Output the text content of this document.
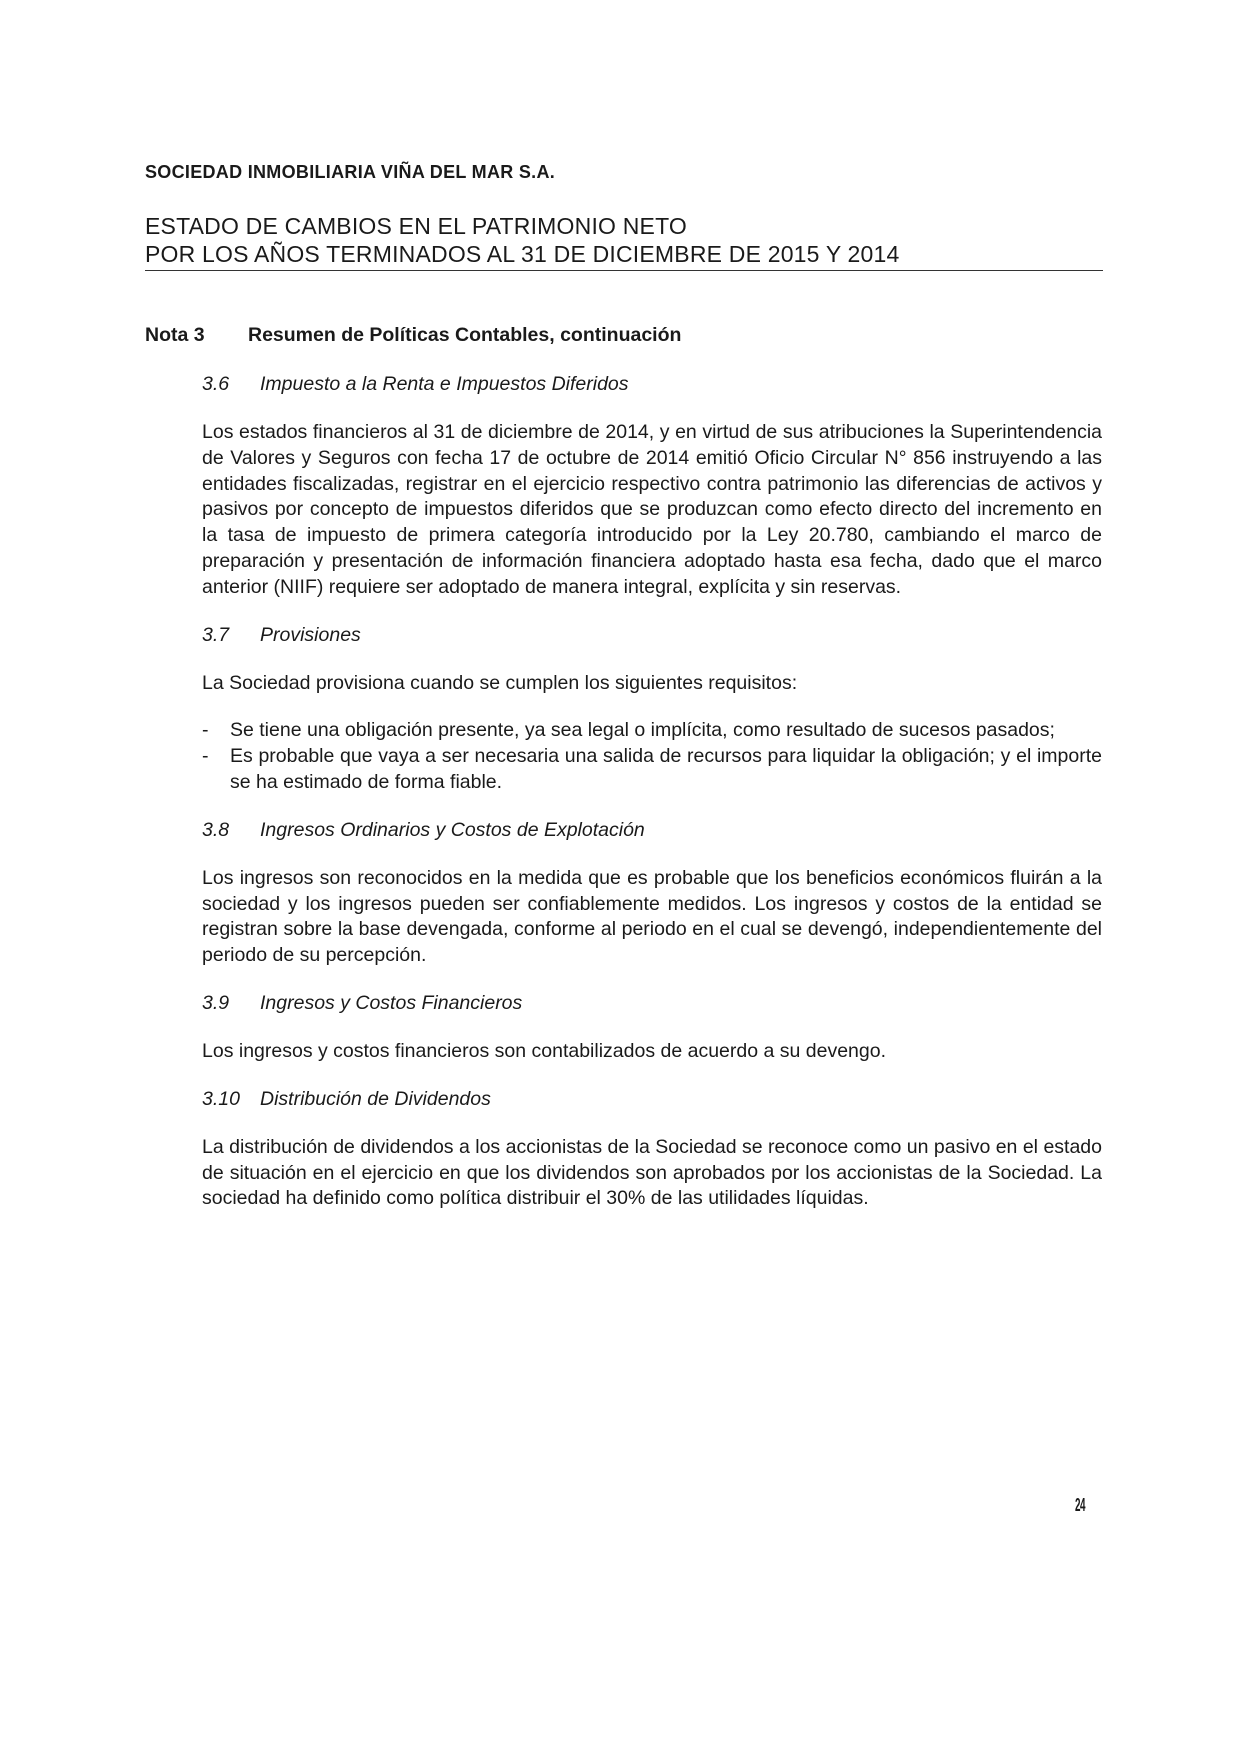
SOCIEDAD INMOBILIARIA VIÑA DEL MAR S.A.
ESTADO DE CAMBIOS EN EL PATRIMONIO NETO
POR LOS AÑOS TERMINADOS AL 31 DE DICIEMBRE DE 2015 Y 2014
Nota 3 Resumen de Políticas Contables, continuación
3.6 Impuesto a la Renta e Impuestos Diferidos

Los estados financieros al 31 de diciembre de 2014, y en virtud de sus atribuciones la Superintendencia de Valores y Seguros con fecha 17 de octubre de 2014 emitió Oficio Circular N° 856 instruyendo a las entidades fiscalizadas, registrar en el ejercicio respectivo contra patrimonio las diferencias de activos y pasivos por concepto de impuestos diferidos que se produzcan como efecto directo del incremento en la tasa de impuesto de primera categoría introducido por la Ley 20.780, cambiando el marco de preparación y presentación de información financiera adoptado hasta esa fecha, dado que el marco anterior (NIIF) requiere ser adoptado de manera integral, explícita y sin reservas.

3.7 Provisiones

La Sociedad provisiona cuando se cumplen los siguientes requisitos:

- Se tiene una obligación presente, ya sea legal o implícita, como resultado de sucesos pasados;
- Es probable que vaya a ser necesaria una salida de recursos para liquidar la obligación; y el importe se ha estimado de forma fiable.
3.8 Ingresos Ordinarios y Costos de Explotación

Los ingresos son reconocidos en la medida que es probable que los beneficios económicos fluirán a la sociedad y los ingresos pueden ser confiablemente medidos. Los ingresos y costos de la entidad se registran sobre la base devengada, conforme al periodo en el cual se devengó, independientemente del periodo de su percepción.

3.9 Ingresos y Costos Financieros

Los ingresos y costos financieros son contabilizados de acuerdo a su devengo.

3.10 Distribución de Dividendos

La distribución de dividendos a los accionistas de la Sociedad se reconoce como un pasivo en el estado de situación en el ejercicio en que los dividendos son aprobados por los accionistas de la Sociedad. La sociedad ha definido como política distribuir el 30% de las utilidades líquidas.

24
